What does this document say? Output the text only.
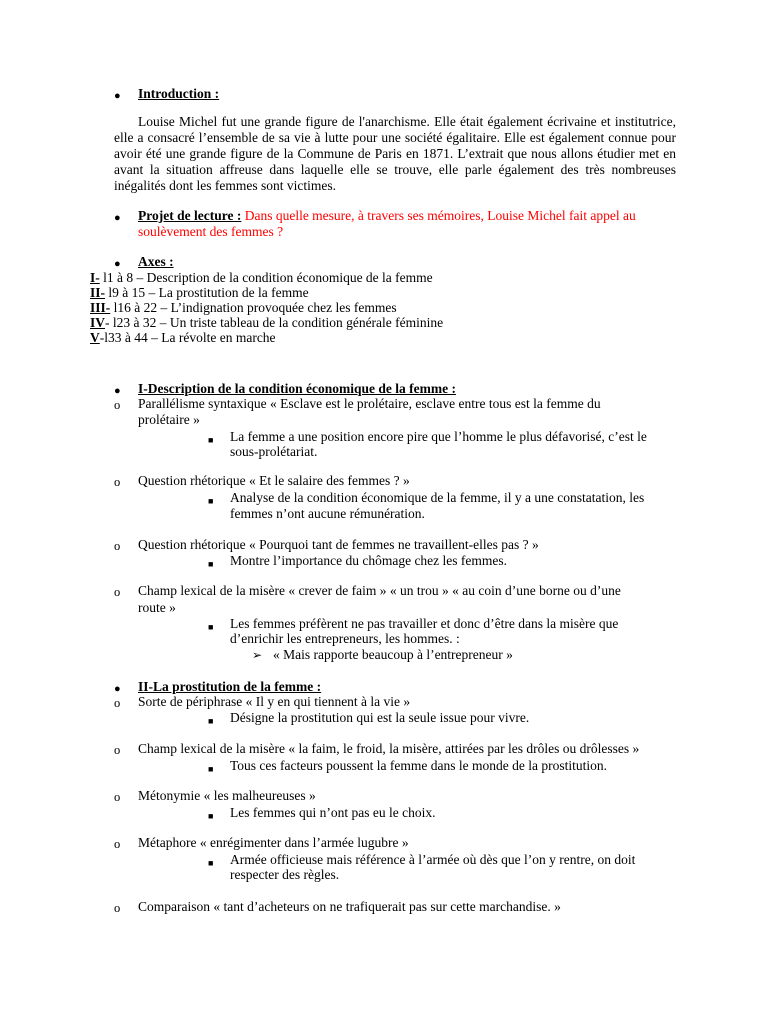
● Introduction :
Louise Michel fut une grande figure de l'anarchisme. Elle était également écrivaine et institutrice, elle a consacré l’ensemble de sa vie à lutte pour une société égalitaire. Elle est également connue pour avoir été une grande figure de la Commune de Paris en 1871. L’extrait que nous allons étudier met en avant la situation affreuse dans laquelle elle se trouve, elle parle également des très nombreuses inégalités dont les femmes sont victimes.
● Projet de lecture : Dans quelle mesure, à travers ses mémoires, Louise Michel fait appel au
soulèvement des femmes ?
● Axes :
I- l1 à 8 – Description de la condition économique de la femme
II- l9 à 15 – La prostitution de la femme
III- l16 à 22 – L’indignation provoquée chez les femmes
IV- l23 à 32 – Un triste tableau de la condition générale féminine
V-l33 à 44 – La révolte en marche
● I-Description de la condition économique de la femme :
o Parallélisme syntaxique « Esclave est le prolétaire, esclave entre tous est la femme du
prolétaire »
■ La femme a une position encore pire que l’homme le plus défavorisé, c’est le
sous-prolétariat.
o Question rhétorique « Et le salaire des femmes ? »
■ Analyse de la condition économique de la femme, il y a une constatation, les
femmes n’ont aucune rémunération.
o Question rhétorique « Pourquoi tant de femmes ne travaillent-elles pas ? »
■ Montre l’importance du chômage chez les femmes.
o Champ lexical de la misère « crever de faim » « un trou » « au coin d’une borne ou d’une
route »
■ Les femmes préfèrent ne pas travailler et donc d’être dans la misère que
d’enrichir les entrepreneurs, les hommes. :
➢ « Mais rapporte beaucoup à l’entrepreneur »
● II-La prostitution de la femme :
o Sorte de périphrase « Il y en qui tiennent à la vie »
■ Désigne la prostitution qui est la seule issue pour vivre.
o Champ lexical de la misère « la faim, le froid, la misère, attirées par les drôles ou drôlesses »
■ Tous ces facteurs poussent la femme dans le monde de la prostitution.
o Métonymie « les malheureuses »
■ Les femmes qui n’ont pas eu le choix.
o Métaphore « enrégimenter dans l’armée lugubre »
■ Armée officieuse mais référence à l’armée où dès que l’on y rentre, on doit
respecter des règles.
o Comparaison « tant d’acheteurs on ne trafiquerait pas sur cette marchandise. »
